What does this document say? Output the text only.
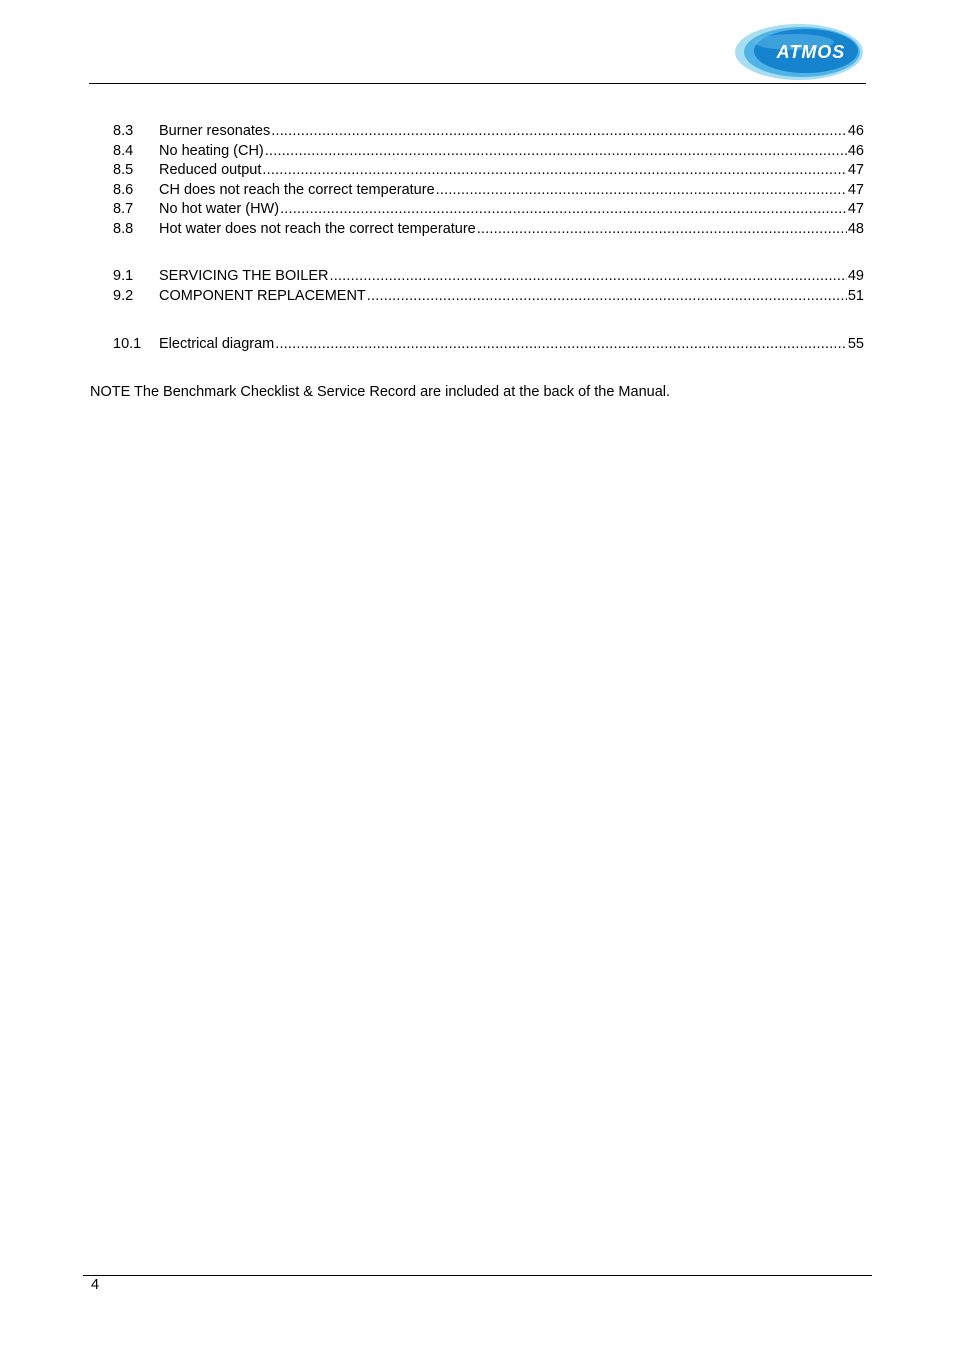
ATMOS
8.3	Burner resonates .....	46
8.4	No heating (CH) .....	46
8.5	Reduced output .....	47
8.6	CH does not reach the correct temperature .....	47
8.7	No hot water (HW) .....	47
8.8	Hot water does not reach the correct temperature .....	48
9.1	SERVICING THE BOILER .....	49
9.2	COMPONENT REPLACEMENT .....	51
10.1	Electrical diagram .....	55
NOTE The Benchmark Checklist & Service Record are included at the back of the Manual.
4
